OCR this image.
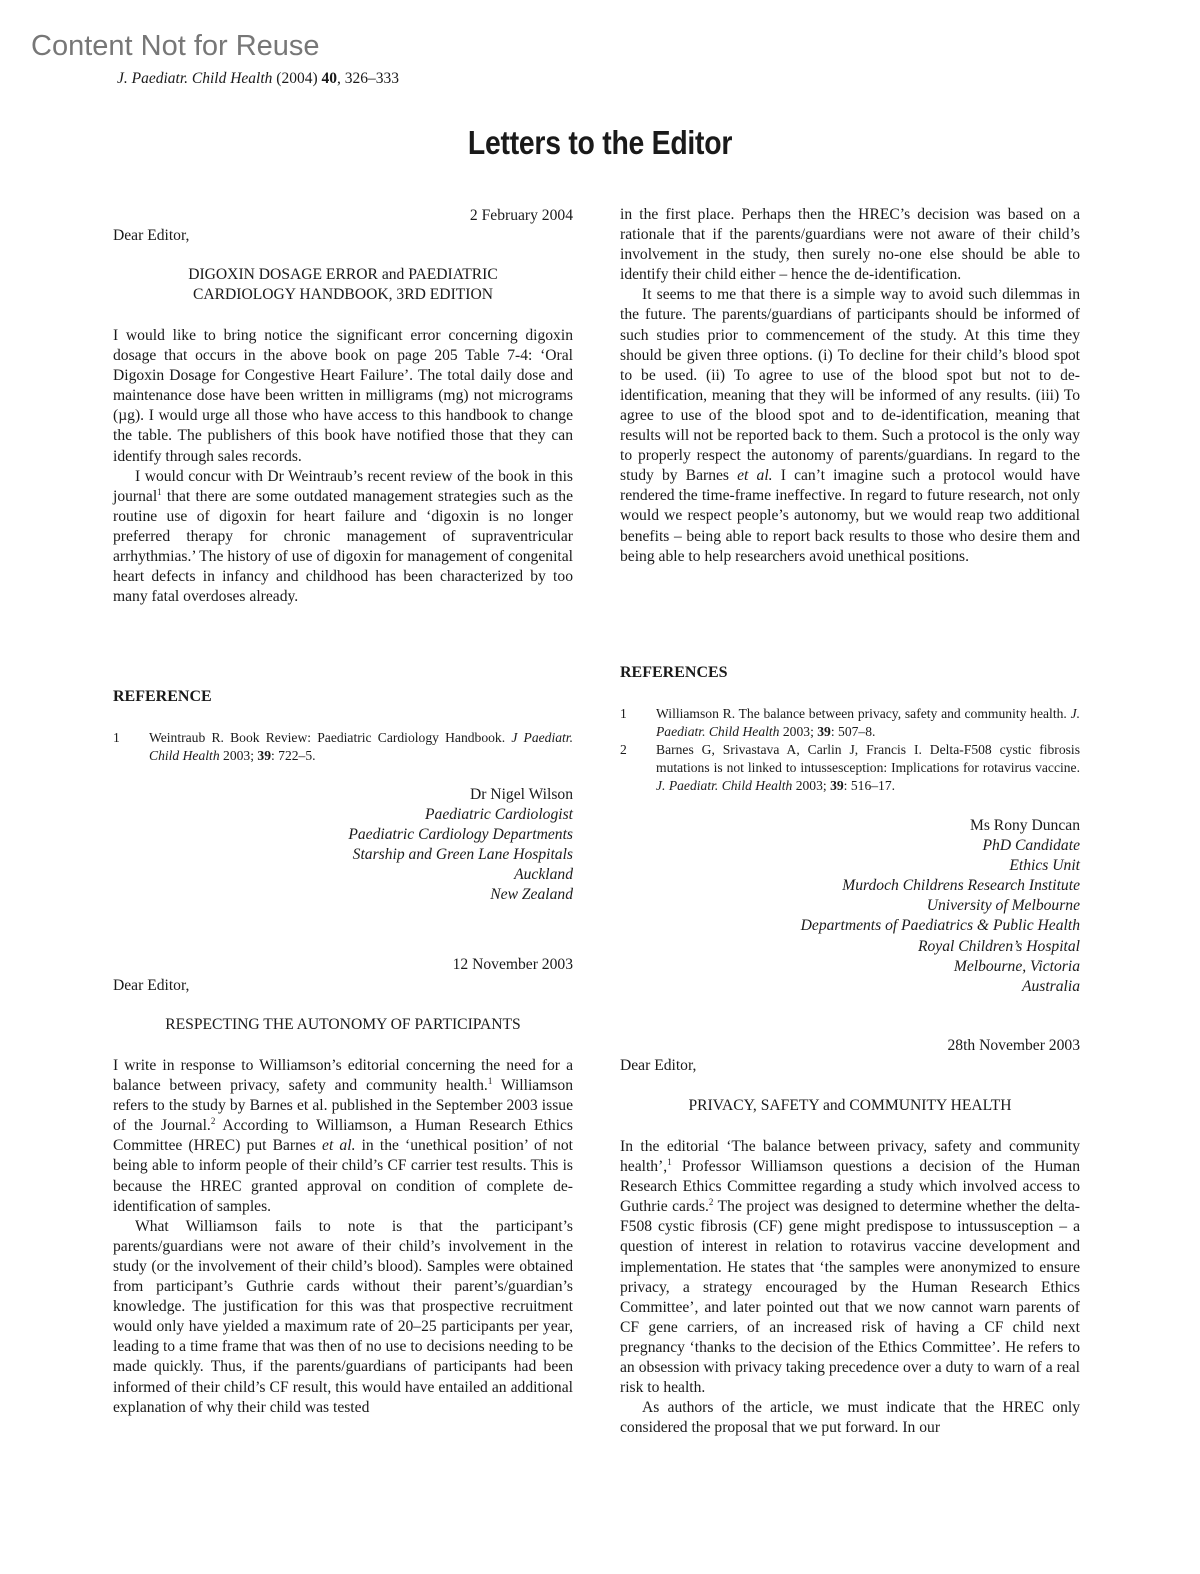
Content Not for Reuse
J. Paediatr. Child Health (2004) 40, 326–333
Letters to the Editor
2 February 2004
Dear Editor,
DIGOXIN DOSAGE ERROR and PAEDIATRIC
CARDIOLOGY HANDBOOK, 3RD EDITION

I would like to bring notice the significant error concerning digoxin dosage that occurs in the above book on page 205 Table 7-4: ‘Oral Digoxin Dosage for Congestive Heart Failure’. The total daily dose and maintenance dose have been written in milligrams (mg) not micrograms (µg). I would urge all those who have access to this handbook to change the table. The publishers of this book have notified those that they can identify through sales records.

I would concur with Dr Weintraub’s recent review of the book in this journal$^1$ that there are some outdated management strategies such as the routine use of digoxin for heart failure and ‘digoxin is no longer preferred therapy for chronic management of supraventricular arrhythmias.’ The history of use of digoxin for management of congenital heart defects in infancy and childhood has been characterized by too many fatal overdoses already.

REFERENCE
1	Weintraub R. Book Review: Paediatric Cardiology Handbook. J Paediatr. Child Health 2003; 39: 722–5.
Dr Nigel Wilson
Paediatric Cardiologist
Paediatric Cardiology Departments
Starship and Green Lane Hospitals
Auckland
New Zealand
12 November 2003
Dear Editor,
RESPECTING THE AUTONOMY OF PARTICIPANTS

I write in response to Williamson’s editorial concerning the need for a balance between privacy, safety and community health.$^1$ Williamson refers to the study by Barnes et al. published in the September 2003 issue of the Journal.$^2$ According to Williamson, a Human Research Ethics Committee (HREC) put Barnes et al. in the ‘unethical position’ of not being able to inform people of their child’s CF carrier test results. This is because the HREC granted approval on condition of complete de-identification of samples.

What Williamson fails to note is that the participant’s parents/guardians were not aware of their child’s involvement in the study (or the involvement of their child’s blood). Samples were obtained from participant’s Guthrie cards without their parent’s/guardian’s knowledge. The justification for this was that prospective recruitment would only have yielded a maximum rate of 20–25 participants per year, leading to a time frame that was then of no use to decisions needing to be made quickly. Thus, if the parents/guardians of participants had been informed of their child’s CF result, this would have entailed an additional explanation of why their child was tested

in the first place. Perhaps then the HREC’s decision was based on a rationale that if the parents/guardians were not aware of their child’s involvement in the study, then surely no-one else should be able to identify their child either – hence the de-identification.

It seems to me that there is a simple way to avoid such dilemmas in the future. The parents/guardians of participants should be informed of such studies prior to commencement of the study. At this time they should be given three options. (i) To decline for their child’s blood spot to be used. (ii) To agree to use of the blood spot but not to de-identification, meaning that they will be informed of any results. (iii) To agree to use of the blood spot and to de-identification, meaning that results will not be reported back to them. Such a protocol is the only way to properly respect the autonomy of parents/guardians. In regard to the study by Barnes et al. I can’t imagine such a protocol would have rendered the time-frame ineffective. In regard to future research, not only would we respect people’s autonomy, but we would reap two additional benefits – being able to report back results to those who desire them and being able to help researchers avoid unethical positions.

REFERENCES
1	Williamson R. The balance between privacy, safety and community health. J. Paediatr. Child Health 2003; 39: 507–8.
2	Barnes G, Srivastava A, Carlin J, Francis I. Delta-F508 cystic fibrosis mutations is not linked to intussesception: Implications for rotavirus vaccine. J. Paediatr. Child Health 2003; 39: 516–17.
Ms Rony Duncan
PhD Candidate
Ethics Unit
Murdoch Childrens Research Institute
University of Melbourne
Departments of Paediatrics & Public Health
Royal Children’s Hospital
Melbourne, Victoria
Australia
28th November 2003
Dear Editor,
PRIVACY, SAFETY and COMMUNITY HEALTH

In the editorial ‘The balance between privacy, safety and community health’,$^1$ Professor Williamson questions a decision of the Human Research Ethics Committee regarding a study which involved access to Guthrie cards.$^2$ The project was designed to determine whether the delta-F508 cystic fibrosis (CF) gene might predispose to intussusception – a question of interest in relation to rotavirus vaccine development and implementation. He states that ‘the samples were anonymized to ensure privacy, a strategy encouraged by the Human Research Ethics Committee’, and later pointed out that we now cannot warn parents of CF gene carriers, of an increased risk of having a CF child next pregnancy ‘thanks to the decision of the Ethics Committee’. He refers to an obsession with privacy taking precedence over a duty to warn of a real risk to health.

As authors of the article, we must indicate that the HREC only considered the proposal that we put forward. In our
